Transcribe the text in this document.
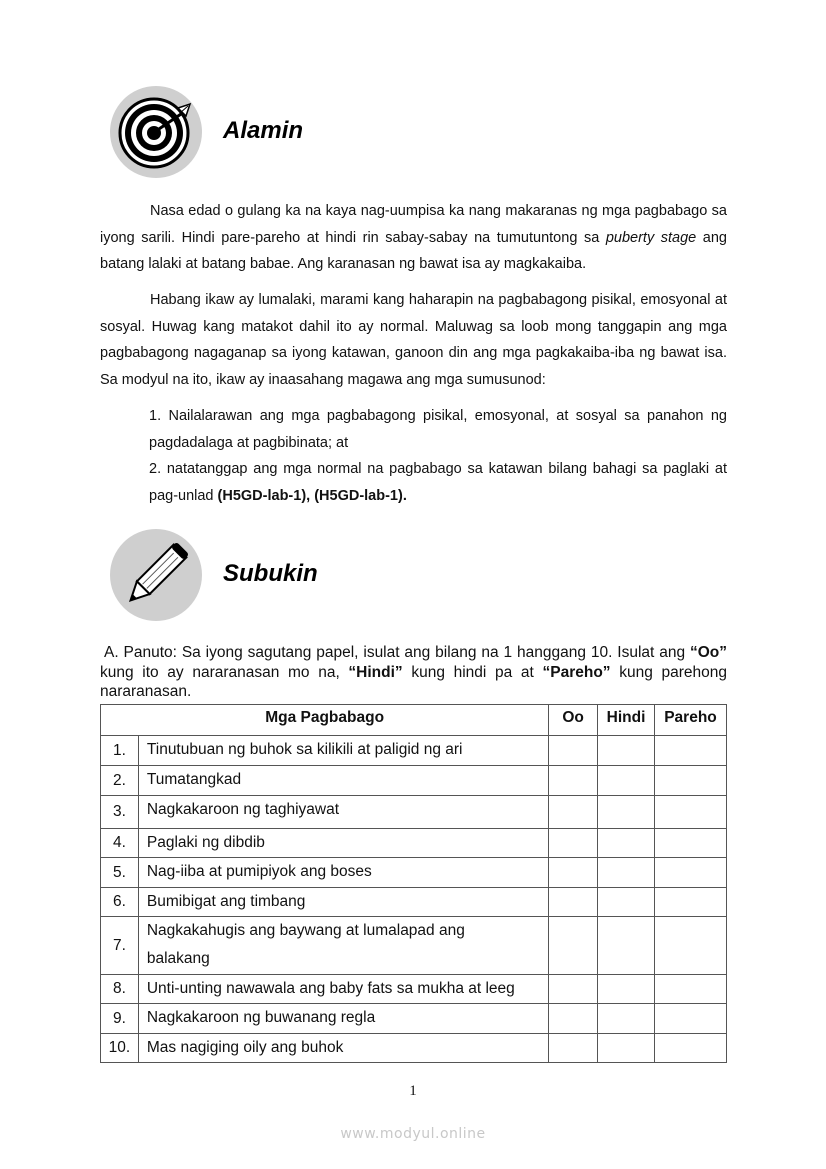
Alamin
Nasa edad o gulang ka na kaya nag-uumpisa ka nang makaranas ng mga pagbabago sa iyong sarili. Hindi pare-pareho at hindi rin sabay-sabay na tumutuntong sa puberty stage ang batang lalaki at batang babae. Ang karanasan ng bawat isa ay magkakaiba.
Habang ikaw ay lumalaki, marami kang haharapin na pagbabagong pisikal, emosyonal at sosyal. Huwag kang matakot dahil ito ay normal. Maluwag sa loob mong tanggapin ang mga pagbabagong nagaganap sa iyong katawan, ganoon din ang mga pagkakaiba-iba ng bawat isa. Sa modyul na ito, ikaw ay inaasahang magawa ang mga sumusunod:
1. Nailalarawan ang mga pagbabagong pisikal, emosyonal, at sosyal sa panahon ng pagdadalaga at pagbibinata; at
2. natatanggap ang mga normal na pagbabago sa katawan bilang bahagi sa paglaki at pag-unlad (H5GD-lab-1), (H5GD-lab-1).
Subukin
A. Panuto: Sa iyong sagutang papel, isulat ang bilang na 1 hanggang 10. Isulat ang “Oo” kung ito ay nararanasan mo na, “Hindi” kung hindi pa at “Pareho” kung parehong nararanasan.
Mga Pagbabago		Oo	Hindi	Pareho
1.	Tinutubuan ng buhok sa kilikili at paligid ng ari			
2.	Tumatangkad			
3.	Nagkakaroon ng taghiyawat			
4.	Paglaki ng dibdib			
5.	Nag-iiba at pumipiyok ang boses			
6.	Bumibigat ang timbang			
7.	Nagkakahugis ang baywang at lumalapad ang balakang			
8.	Unti-unting nawawala ang baby fats sa mukha at leeg			
9.	Nagkakaroon ng buwanang regla			
10.	Mas nagiging oily ang buhok			
1
www.modyul.online
